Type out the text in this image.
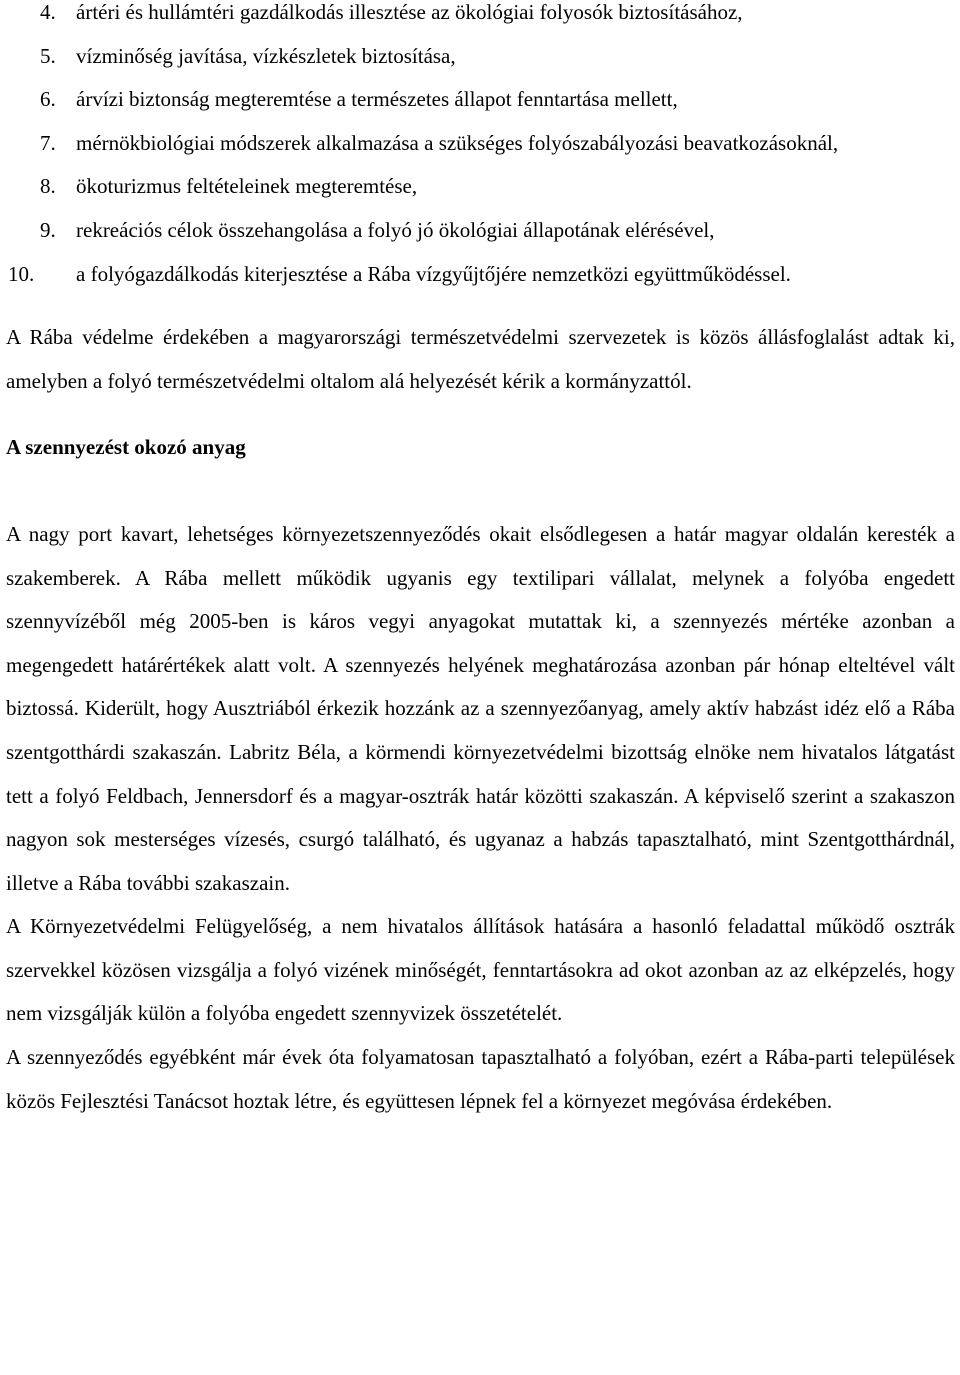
4. ártéri és hullámtéri gazdálkodás illesztése az ökológiai folyosók biztosításához,
5. vízminőség javítása, vízkészletek biztosítása,
6. árvízi biztonság megteremtése a természetes állapot fenntartása mellett,
7. mérnökbiológiai módszerek alkalmazása a szükséges folyószabályozási beavatkozásoknál,
8. ökoturizmus feltételeinek megteremtése,
9. rekreációs célok összehangolása a folyó jó ökológiai állapotának elérésével,
10. a folyógazdálkodás kiterjesztése a Rába vízgyűjtőjére nemzetközi együttműködéssel.

A Rába védelme érdekében a magyarországi természetvédelmi szervezetek is közös állásfoglalást adtak ki, amelyben a folyó természetvédelmi oltalom alá helyezését kérik a kormányzattól.

A szennyezést okozó anyag

A nagy port kavart, lehetséges környezetszennyeződés okait elsődlegesen a határ magyar oldalán keresték a szakemberek. A Rába mellett működik ugyanis egy textilipari vállalat, melynek a folyóba engedett szennyvízéből még 2005-ben is káros vegyi anyagokat mutattak ki, a szennyezés mértéke azonban a megengedett határértékek alatt volt. A szennyezés helyének meghatározása azonban pár hónap elteltével vált biztossá. Kiderült, hogy Ausztriából érkezik hozzánk az a szennyezőanyag, amely aktív habzást idéz elő a Rába szentgotthárdi szakaszán. Labritz Béla, a körmendi környezetvédelmi bizottság elnöke nem hivatalos látgatást tett a folyó Feldbach, Jennersdorf és a magyar-osztrák határ közötti szakaszán. A képviselő szerint a szakaszon nagyon sok mesterséges vízesés, csurgó található, és ugyanaz a habzás tapasztalható, mint Szentgotthárdnál, illetve a Rába további szakaszain.

A Környezetvédelmi Felügyelőség, a nem hivatalos állítások hatására a hasonló feladattal működő osztrák szervekkel közösen vizsgálja a folyó vizének minőségét, fenntartásokra ad okot azonban az az elképzelés, hogy nem vizsgálják külön a folyóba engedett szennyvizek összetételét.

A szennyeződés egyébként már évek óta folyamatosan tapasztalható a folyóban, ezért a Rába-parti települések közös Fejlesztési Tanácsot hoztak létre, és együttesen lépnek fel a környezet megóvása érdekében.
